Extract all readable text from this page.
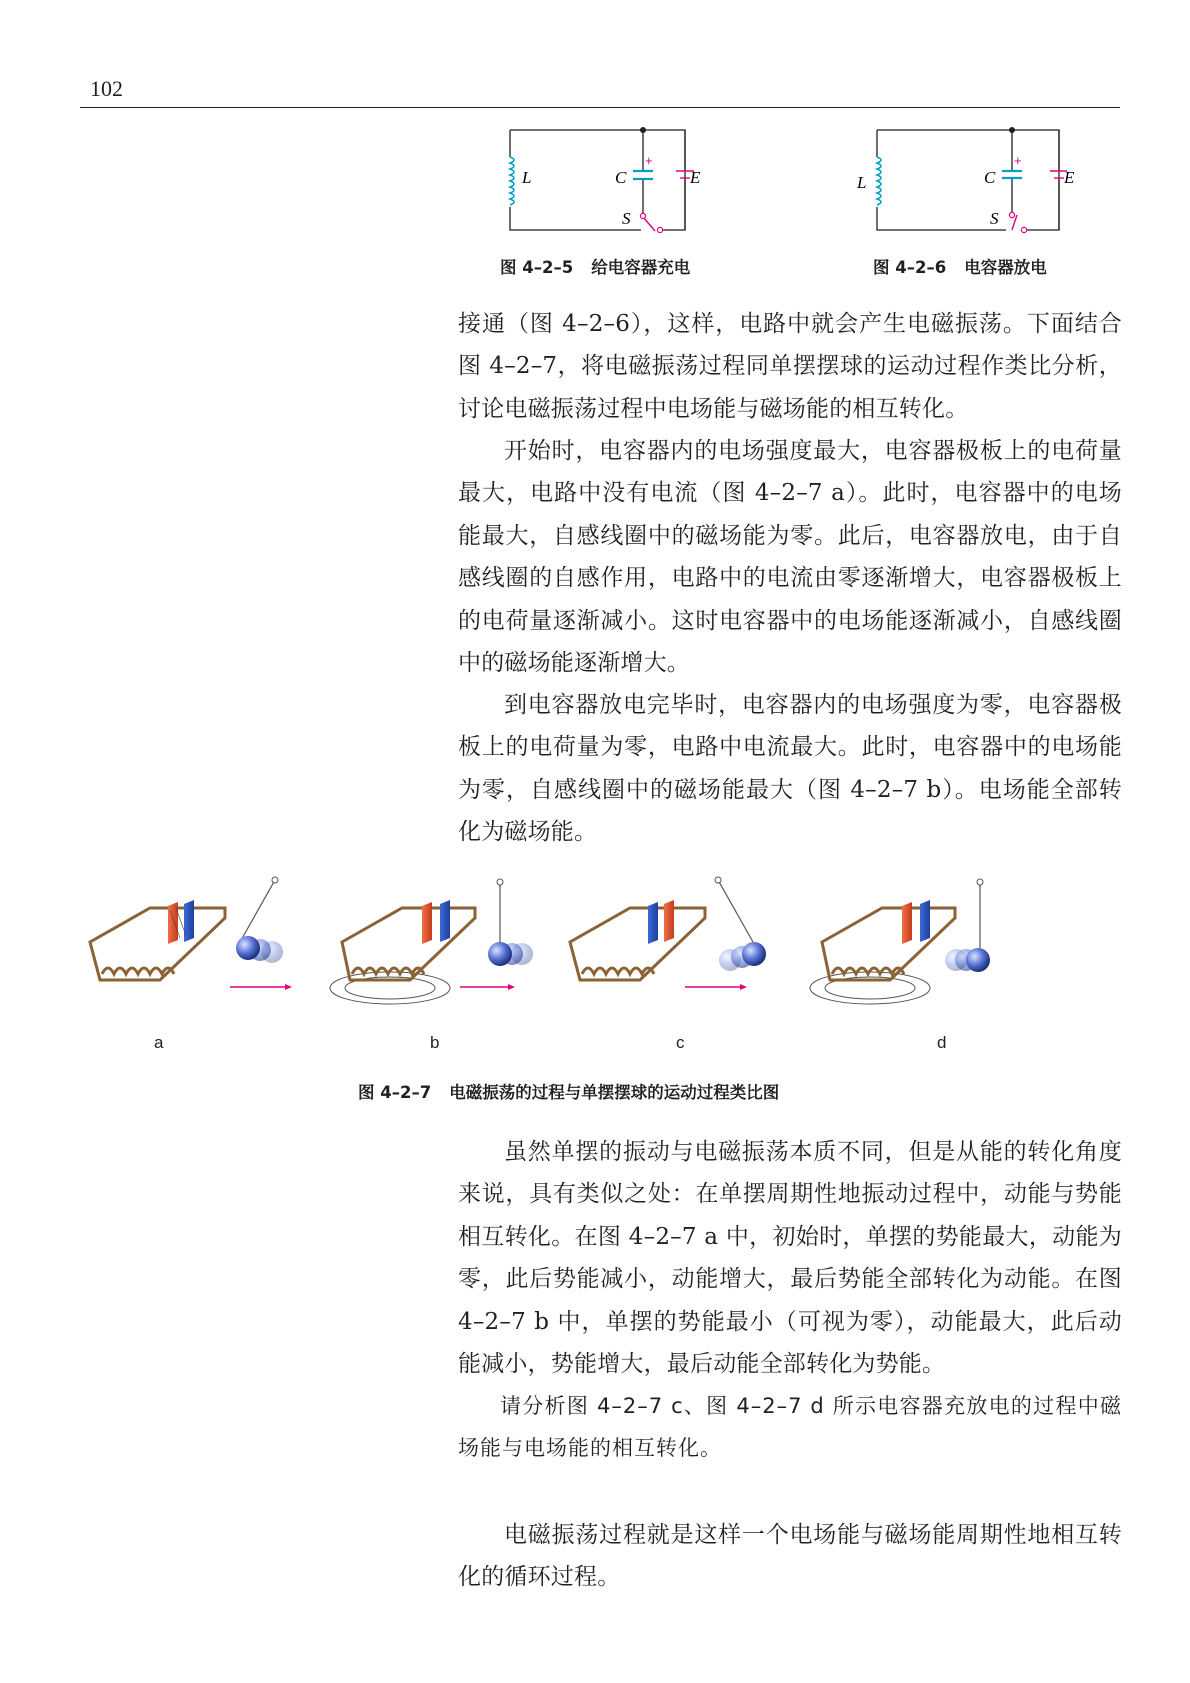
102
L	C
+
E
S
图 4–2–5 给电容器充电
L	C
+
E
S
图 4–2–6 电容器放电
接通（图 4–2–6），这样，电路中就会产生电磁振荡。下面结合图 4–2–7，将电磁振荡过程同单摆摆球的运动过程作类比分析，讨论电磁振荡过程中电场能与磁场能的相互转化。
开始时，电容器内的电场强度最大，电容器极板上的电荷量最大，电路中没有电流（图 4–2–7 a）。此时，电容器中的电场能最大，自感线圈中的磁场能为零。此后，电容器放电，由于自感线圈的自感作用，电路中的电流由零逐渐增大，电容器极板上的电荷量逐渐减小。这时电容器中的电场能逐渐减小，自感线圈中的磁场能逐渐增大。
到电容器放电完毕时，电容器内的电场强度为零，电容器极板上的电荷量为零，电路中电流最大。此时，电容器中的电场能为零，自感线圈中的磁场能最大（图 4–2–7 b）。电场能全部转化为磁场能。
a	b	c	d
图 4–2–7 电磁振荡的过程与单摆摆球的运动过程类比图
虽然单摆的振动与电磁振荡本质不同，但是从能的转化角度来说，具有类似之处：在单摆周期性地振动过程中，动能与势能相互转化。在图 4–2–7 a 中，初始时，单摆的势能最大，动能为零，此后势能减小，动能增大，最后势能全部转化为动能。在图 4–2–7 b 中，单摆的势能最小（可视为零），动能最大，此后动能减小，势能增大，最后动能全部转化为势能。
请分析图 4–2–7 c、图 4–2–7 d 所示电容器充放电的过程中磁场能与电场能的相互转化。
电磁振荡过程就是这样一个电场能与磁场能周期性地相互转化的循环过程。
